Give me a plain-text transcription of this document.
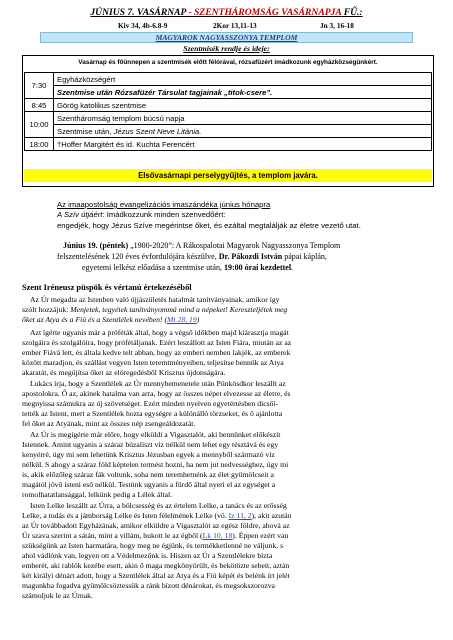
JÚNIUS 7. VASÁRNAP - SZENTHÁROMSÁG VASÁRNAPJA FŰ.:
Kiv 34, 4b-6.8-9	2Kor 13,11-13	Jn 3, 16-18
MAGYAROK NAGYASSZONYA TEMPLOM
Szentmisék rendje és ideje:
Vasárnap és főünnepen a szentmisék előtt félórával, rózsafüzért imádkozunk egyházközségünkért.
7:30	Egyházközségért
	Szentmise után Rózsafüzér Társulat tagjainak „titok-csere”.
8:45	Görög katolikus szentmise
10:00	Szentháromság templom búcsú napja
	Szentmise után, Jézus Szent Neve Litánia.
18:00	†Hoffer Margitért és id. Kuchta Ferencért
Elsővasárnapi perselygyűjtés, a templom javára.
Az imaapostolság evangelizációs imaszándéka június hónapra
A Szív útjáért: Imádkozzunk minden szenvedőért:
engedjék, hogy Jézus Szíve megérintse őket, és ezáltal megtalálják az életre vezető utat.
Június 19. (péntek) „1900-2020”: A Rákospalotai Magyarok Nagyasszonya Templom
felszentelésének 120 éves évfordulójára készülve, Dr. Pákozdi István pápai káplán,
egyetemi lelkész előadása a szentmise után, 19:00 órai kezdettel.
Szent Iréneusz püspök és vértanú értekezéséből
Az Úr megadta az Istenben való újjászületés hatalmát tanítványainak, amikor így
szólt hozzájuk: Menjetek, tegyétek tanítványommá mind a népeket! Kereszteljétek meg
őket az Atya és a Fiú és a Szentlélek nevében! (Mt 28, 19)
Azt ígérte ugyanis már a próféták által, hogy a végső időkben majd kiárasztja magát
szolgáira és szolgálóira, hogy prófétáljanak. Ezért leszállott az Isten Fiára, miután az az
ember Fiává lett, és általa kedve telt abban, hogy az emberi nemben lakjék, az emberek
között maradjon, és szállást vegyen Isten teremtményeiben, teljesítse bennük az Atya
akaratát, és megújítsa őket az elöregedésből Krisztus újdonságára.
Lukács írja, hogy a Szentlélek az Úr mennybemenetele után Pünkösdkor leszállt az
apostolokra. Ő az, akinek hatalma van arra, hogy az összes népet elvezesse az életre, és
megnyissa számukra az új szövetséget. Ezért minden nyelven egyetértésben dicsőí-
tették az Istent, mert a Szentlélek hozta egységre a különálló törzseket, és ő ajánlotta
fel őket az Atyának, mint az összes nép zsengeáldozatát.
Az Úr is megígérte már előre, hogy elküldi a Vigasztalót, aki bennünket előkészít
Istennek. Amint ugyanis a száraz búzaliszt víz nélkül nem lehet egy tésztává és egy
kenyérré, úgy mi sem lehetünk Krisztus Jézusban egyek a mennyből származó víz
nélkül. S ahogy a száraz föld képtelen termést hozni, ha nem jut nedvességhez, úgy mi
is, akik előzőleg száraz fák voltunk, soha nem teremhetnénk az élet gyümölcseit a
magától jövő isteni eső nélkül. Testünk ugyanis a fürdő által nyeri el az egységet a
romolhatatlansággal, lelkünk pedig a Lélek által.
Isten Lelke leszállt az Úrra, a bölcsesség és az értelem Lelke, a tanács és az erősség
Lelke, a tudás és a jámborság Lelke és Isten félelmének Lelke (vö. Iz 11, 2), akit azután
az Úr továbbadott Egyházának, amikor elküldte a Vigasztalót az egész földre, ahová az
Úr szava szerint a sátán, mint a villám, bukott le az égből (Lk 10, 18). Éppen ezért van
szükségünk az Isten harmatára, hogy meg ne égjünk, és termékketlenné ne váljunk, s
ahol vádlónk van, legyen ott a Védelmezőnk is. Hiszen az Úr a Szentlélekre bízta
emberét, aki rablók kezébe esett, akin ő maga megkönyörült, és bekötözte sebeit, aztán
két királyi dénárt adott, hogy a Szentlélek által az Atya és a Fiú képét és belénk írt jelét
magunkba fogadva gyümölcsöztessük a ránk bízott dénárokat, és megsokszorozva
számoljuk le az Úrnak.
